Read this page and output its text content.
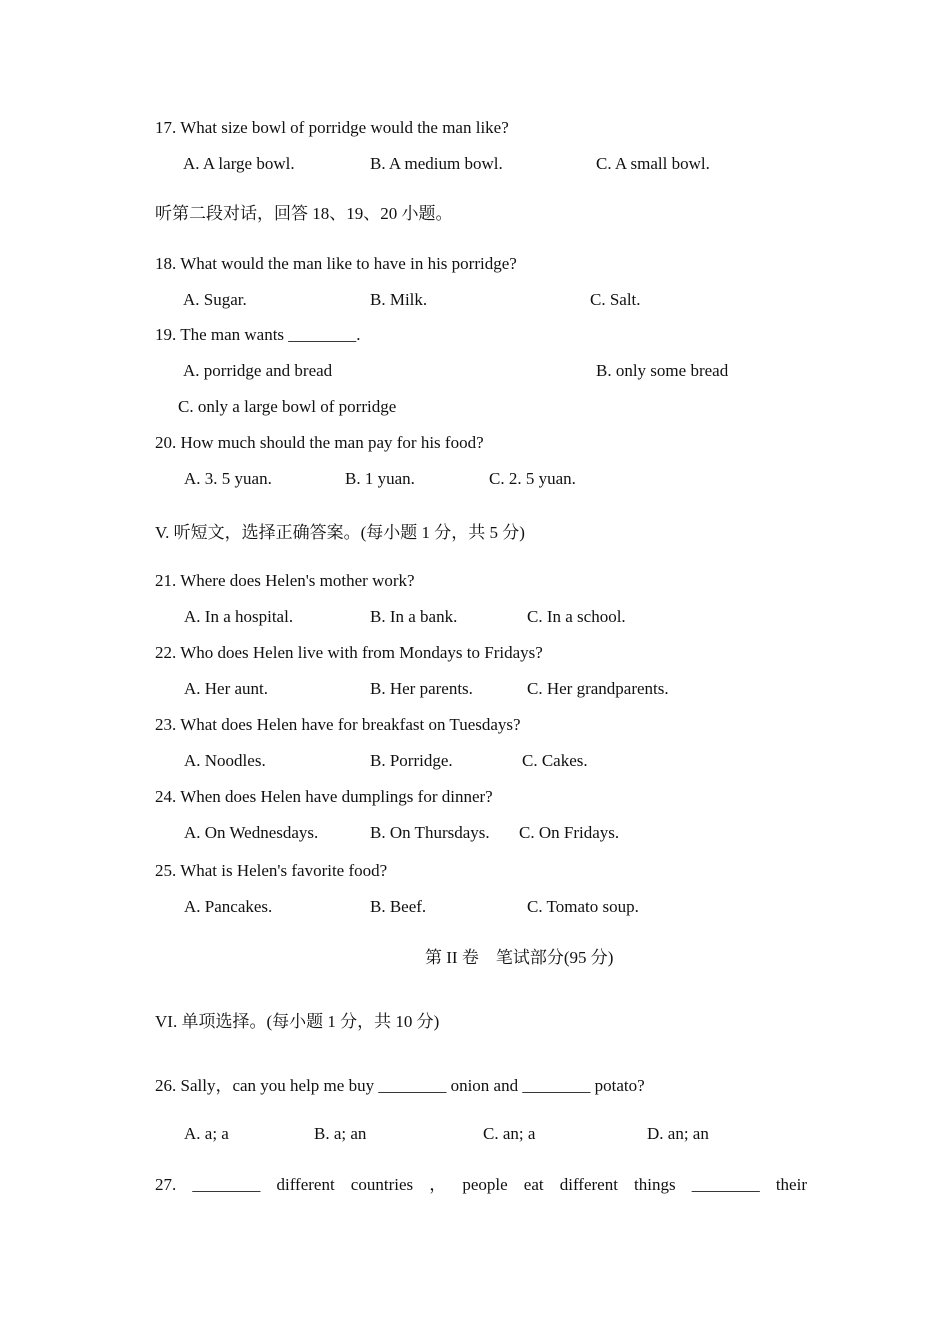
17. What size bowl of porridge would the man like?
A. A large bowl.	B. A medium bowl.	C. A small bowl.
听第二段对话，回答 18、19、20 小题。
18. What would the man like to have in his porridge?
A. Sugar.	B. Milk.	C. Salt.
19. The man wants ________.
A. porridge and bread	B. only some bread
C. only a large bowl of porridge
20. How much should the man pay for his food?
A. 3. 5 yuan.	B. 1 yuan.	C. 2. 5 yuan.
V. 听短文，选择正确答案。(每小题 1 分，共 5 分)
21. Where does Helen's mother work?
A. In a hospital.	B. In a bank.	C. In a school.
22. Who does Helen live with from Mondays to Fridays?
A. Her aunt.	B. Her parents.	C. Her grandparents.
23. What does Helen have for breakfast on Tuesdays?
A. Noodles.	B. Porridge.	C. Cakes.
24. When does Helen have dumplings for dinner?
A. On Wednesdays.	B. On Thursdays. C. On Fridays.
25. What is Helen's favorite food?
A. Pancakes.	B. Beef.	C. Tomato soup.
第 II 卷　笔试部分(95 分)
VI. 单项选择。(每小题 1 分，共 10 分)
26. Sally，can you help me buy ________ onion and ________ potato?
A. a; a	B. a; an	C. an; a	D. an; an
27. ________ different countries ， people eat different things ________ their
